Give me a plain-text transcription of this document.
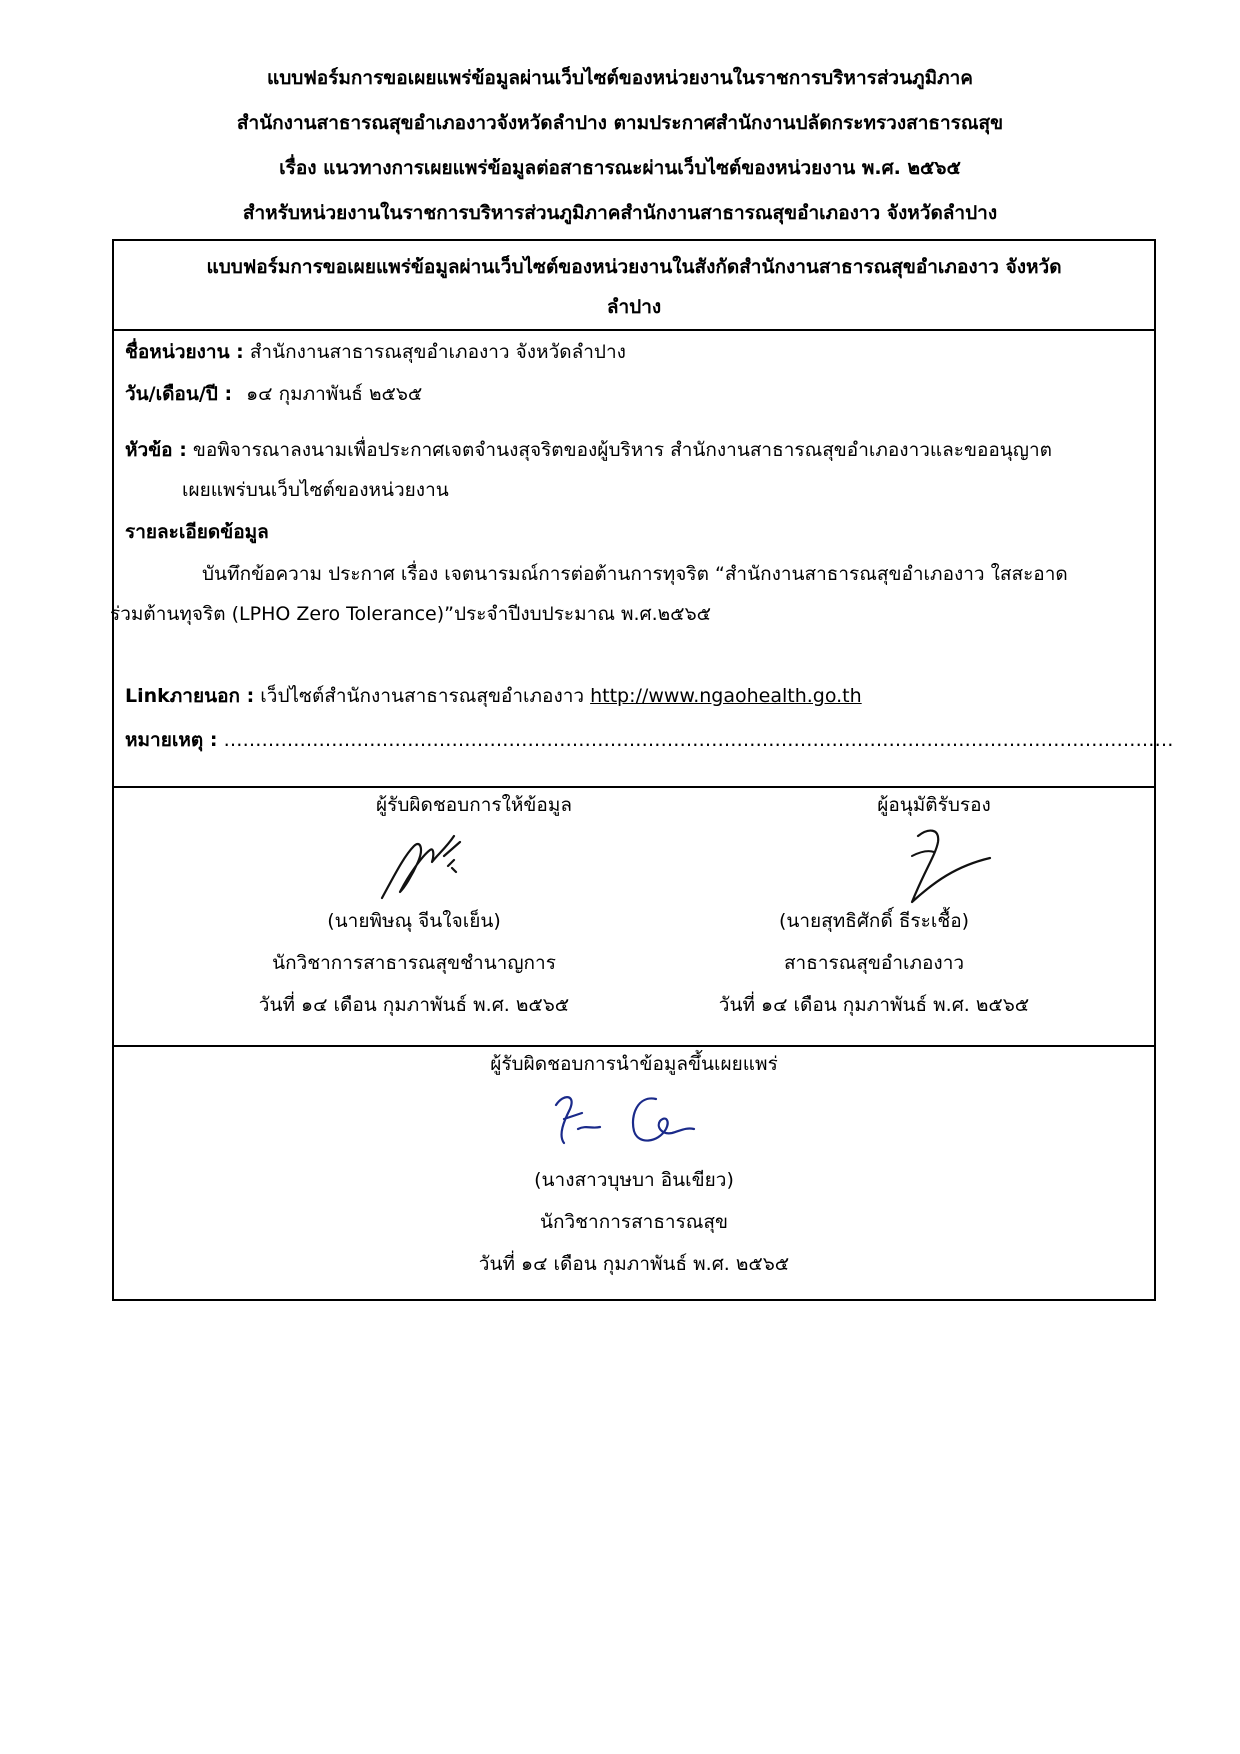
แบบฟอร์มการขอเผยแพร่ข้อมูลผ่านเว็บไซต์ของหน่วยงานในราชการบริหารส่วนภูมิภาค
สำนักงานสาธารณสุขอำเภองาวจังหวัดลำปาง ตามประกาศสำนักงานปลัดกระทรวงสาธารณสุข
เรื่อง แนวทางการเผยแพร่ข้อมูลต่อสาธารณะผ่านเว็บไซต์ของหน่วยงาน พ.ศ. ๒๕๖๕
สำหรับหน่วยงานในราชการบริหารส่วนภูมิภาคสำนักงานสาธารณสุขอำเภองาว จังหวัดลำปาง
แบบฟอร์มการขอเผยแพร่ข้อมูลผ่านเว็บไซต์ของหน่วยงานในสังกัดสำนักงานสาธารณสุขอำเภองาว จังหวัด
ลำปาง
ชื่อหน่วยงาน : สำนักงานสาธารณสุขอำเภองาว จังหวัดลำปาง
วัน/เดือน/ปี : ๑๔ กุมภาพันธ์ ๒๕๖๕
หัวข้อ : ขอพิจารณาลงนามเพื่อประกาศเจตจำนงสุจริตของผู้บริหาร สำนักงานสาธารณสุขอำเภองาวและขออนุญาต
เผยแพร่บนเว็บไซต์ของหน่วยงาน
รายละเอียดข้อมูล
บันทึกข้อความ ประกาศ เรื่อง เจตนารมณ์การต่อต้านการทุจริต “สำนักงานสาธารณสุขอำเภองาว ใสสะอาด
ร่วมต้านทุจริต (LPHO Zero Tolerance)”ประจำปีงบประมาณ พ.ศ.๒๕๖๕
Linkภายนอก : เว็ปไซต์สำนักงานสาธารณสุขอำเภองาว http://www.ngaohealth.go.th
หมายเหตุ : ……………………………………………………………………………………………………………………………………
ผู้รับผิดชอบการให้ข้อมูล
(นายพิษณุ จีนใจเย็น)
นักวิชาการสาธารณสุขชำนาญการ
วันที่ ๑๔ เดือน กุมภาพันธ์ พ.ศ. ๒๕๖๕
ผู้อนุมัติรับรอง
(นายสุทธิศักดิ์ ธีระเชื้อ)
สาธารณสุขอำเภองาว
วันที่ ๑๔ เดือน กุมภาพันธ์ พ.ศ. ๒๕๖๕
ผู้รับผิดชอบการนำข้อมูลขึ้นเผยแพร่
(นางสาวบุษบา อินเขียว)
นักวิชาการสาธารณสุข
วันที่ ๑๔ เดือน กุมภาพันธ์ พ.ศ. ๒๕๖๕
